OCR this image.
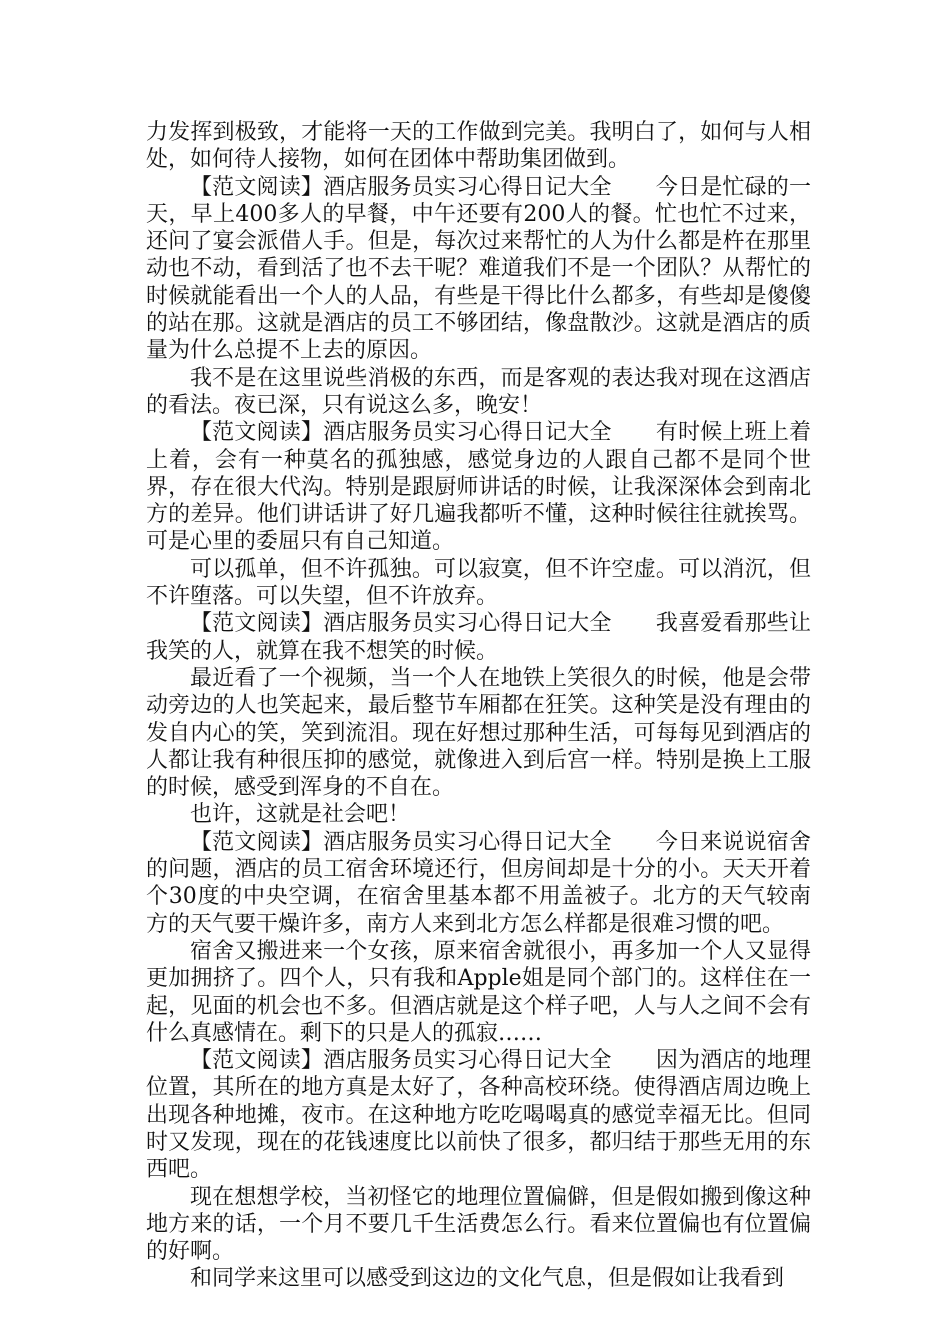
力发挥到极致，才能将一天的工作做到完美。我明白了，如何与人相处，如何待人接物，如何在团体中帮助集团做到。

【范文阅读】酒店服务员实习心得日记大全　　今日是忙碌的一天，早上400多人的早餐，中午还要有200人的餐。忙也忙不过来，还问了宴会派借人手。但是，每次过来帮忙的人为什么都是杵在那里动也不动，看到活了也不去干呢？难道我们不是一个团队？从帮忙的时候就能看出一个人的人品，有些是干得比什么都多，有些却是傻傻的站在那。这就是酒店的员工不够团结，像盘散沙。这就是酒店的质量为什么总提不上去的原因。

我不是在这里说些消极的东西，而是客观的表达我对现在这酒店的看法。夜已深，只有说这么多，晚安！

【范文阅读】酒店服务员实习心得日记大全　　有时候上班上着上着，会有一种莫名的孤独感，感觉身边的人跟自己都不是同个世界，存在很大代沟。特别是跟厨师讲话的时候，让我深深体会到南北方的差异。他们讲话讲了好几遍我都听不懂，这种时候往往就挨骂。可是心里的委屈只有自己知道。

可以孤单，但不许孤独。可以寂寞，但不许空虚。可以消沉，但不许堕落。可以失望，但不许放弃。

【范文阅读】酒店服务员实习心得日记大全　　我喜爱看那些让我笑的人，就算在我不想笑的时候。

最近看了一个视频，当一个人在地铁上笑很久的时候，他是会带动旁边的人也笑起来，最后整节车厢都在狂笑。这种笑是没有理由的发自内心的笑，笑到流泪。现在好想过那种生活，可每每见到酒店的人都让我有种很压抑的感觉，就像进入到后宫一样。特别是换上工服的时候，感受到浑身的不自在。

也许，这就是社会吧！

【范文阅读】酒店服务员实习心得日记大全　　今日来说说宿舍的问题，酒店的员工宿舍环境还行，但房间却是十分的小。天天开着个30度的中央空调，在宿舍里基本都不用盖被子。北方的天气较南方的天气要干燥许多，南方人来到北方怎么样都是很难习惯的吧。

宿舍又搬进来一个女孩，原来宿舍就很小，再多加一个人又显得更加拥挤了。四个人，只有我和Apple姐是同个部门的。这样住在一起，见面的机会也不多。但酒店就是这个样子吧，人与人之间不会有什么真感情在。剩下的只是人的孤寂……

【范文阅读】酒店服务员实习心得日记大全　　因为酒店的地理位置，其所在的地方真是太好了，各种高校环绕。使得酒店周边晚上出现各种地摊，夜市。在这种地方吃吃喝喝真的感觉幸福无比。但同时又发现，现在的花钱速度比以前快了很多，都归结于那些无用的东西吧。

现在想想学校，当初怪它的地理位置偏僻，但是假如搬到像这种地方来的话，一个月不要几千生活费怎么行。看来位置偏也有位置偏的好啊。

和同学来这里可以感受到这边的文化气息，但是假如让我看到
